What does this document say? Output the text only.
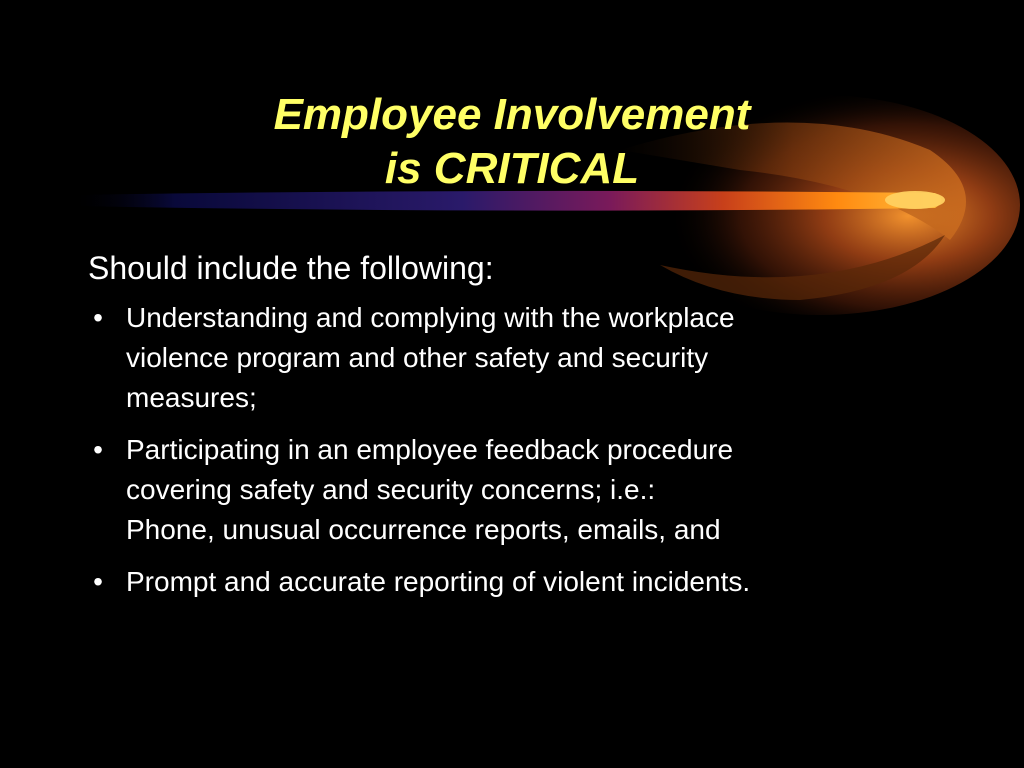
Employee Involvement
is CRITICAL
Should include the following:
• Understanding and complying with the workplace
violence program and other safety and security
measures;
• Participating in an employee feedback procedure
covering safety and security concerns; i.e.:
Phone, unusual occurrence reports, emails, and
• Prompt and accurate reporting of violent incidents.
